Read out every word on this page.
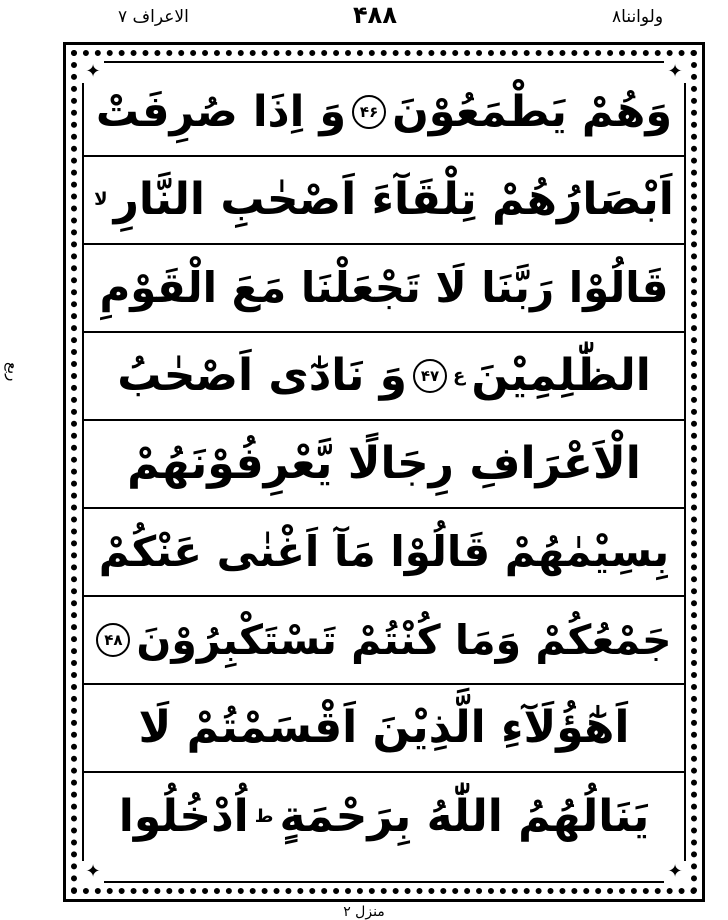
الاعراف ٧	۴۸۸	ولواننا۸
ربع
✦	✦
✦	✦
وَهُمْ يَطْمَعُوْنَ
۴۶
وَ اِذَا صُرِفَتْ
اَبْصَارُهُمْ تِلْقَآءَ اَصْحٰبِ النَّارِ
لا
قَالُوْا رَبَّنَا لَا تَجْعَلْنَا مَعَ الْقَوْمِ
الظّٰلِمِيْنَ
ع
۴۷
وَ نَادٰٓى اَصْحٰبُ
الْاَعْرَافِ رِجَالًا يَّعْرِفُوْنَهُمْ
بِسِيْمٰهُمْ قَالُوْا مَآ اَغْنٰى عَنْكُمْ
جَمْعُكُمْ وَمَا كُنْتُمْ تَسْتَكْبِرُوْنَ
۴۸
اَهٰٓؤُلَآءِ الَّذِيْنَ اَقْسَمْتُمْ لَا
يَنَالُهُمُ اللّٰهُ بِرَحْمَةٍ
ط
اُدْخُلُوا
منزل ۲
